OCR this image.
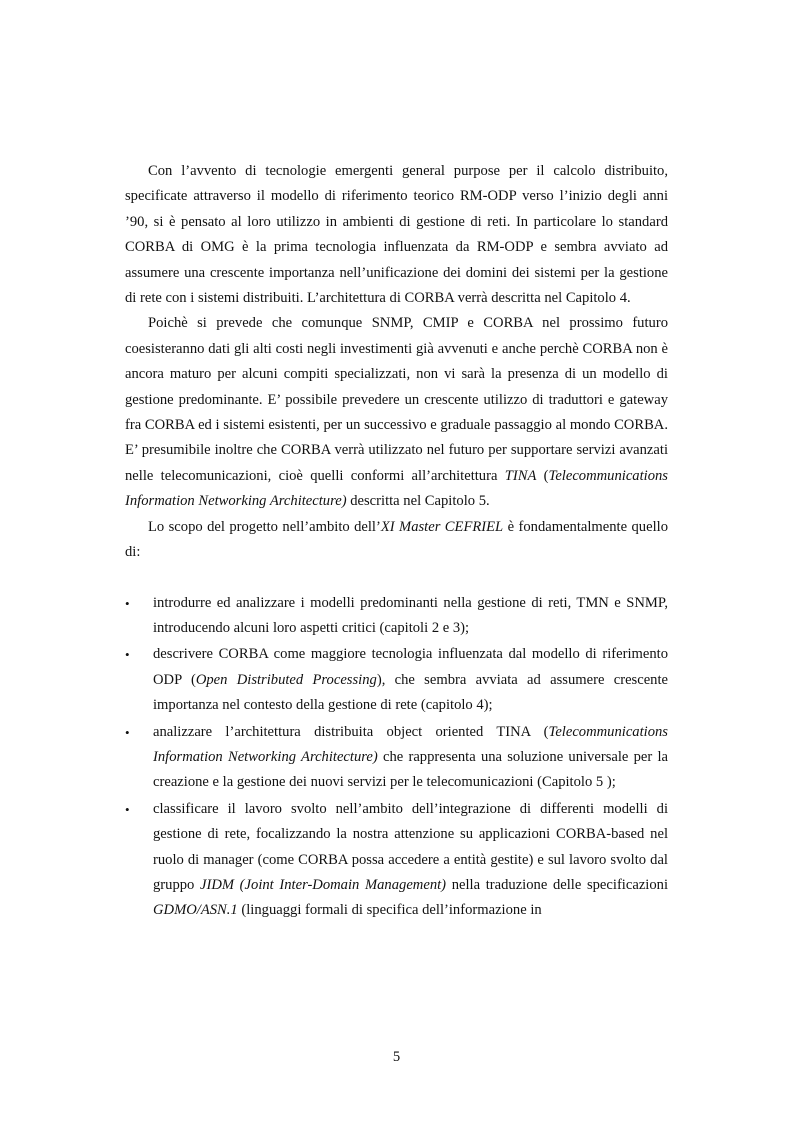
Con l’avvento di tecnologie emergenti general purpose per il calcolo distribuito, specificate attraverso il modello di riferimento teorico RM-ODP verso l’inizio degli anni ’90, si è pensato al loro utilizzo in ambienti di gestione di reti. In particolare lo standard CORBA di OMG è la prima tecnologia influenzata da RM-ODP e sembra avviato ad assumere una crescente importanza nell’unificazione dei domini dei sistemi per la gestione di rete con i sistemi distribuiti. L’architettura di CORBA verrà descritta nel Capitolo 4.

Poichè si prevede che comunque SNMP, CMIP e CORBA nel prossimo futuro coesisteranno dati gli alti costi negli investimenti già avvenuti e anche perchè CORBA non è ancora maturo per alcuni compiti specializzati, non vi sarà la presenza di un modello di gestione predominante. E’ possibile prevedere un crescente utilizzo di traduttori e gateway fra CORBA ed i sistemi esistenti, per un successivo e graduale passaggio al mondo CORBA. E’ presumibile inoltre che CORBA verrà utilizzato nel futuro per supportare servizi avanzati nelle telecomunicazioni, cioè quelli conformi all’architettura TINA (Telecommunications Information Networking Architecture) descritta nel Capitolo 5.

Lo scopo del progetto nell’ambito dell’XI Master CEFRIEL è fondamentalmente quello di:

• introdurre ed analizzare i modelli predominanti nella gestione di reti, TMN e SNMP, introducendo alcuni loro aspetti critici (capitoli 2 e 3);
• descrivere CORBA come maggiore tecnologia influenzata dal modello di riferimento ODP (Open Distributed Processing), che sembra avviata ad assumere crescente importanza nel contesto della gestione di rete (capitolo 4);
• analizzare l’architettura distribuita object oriented TINA (Telecommunications Information Networking Architecture) che rappresenta una soluzione universale per la creazione e la gestione dei nuovi servizi per le telecomunicazioni (Capitolo 5 );
• classificare il lavoro svolto nell’ambito dell’integrazione di differenti modelli di gestione di rete, focalizzando la nostra attenzione su applicazioni CORBA-based nel ruolo di manager (come CORBA possa accedere a entità gestite) e sul lavoro svolto dal gruppo JIDM (Joint Inter-Domain Management) nella traduzione delle specificazioni GDMO/ASN.1 (linguaggi formali di specifica dell’informazione in
5
